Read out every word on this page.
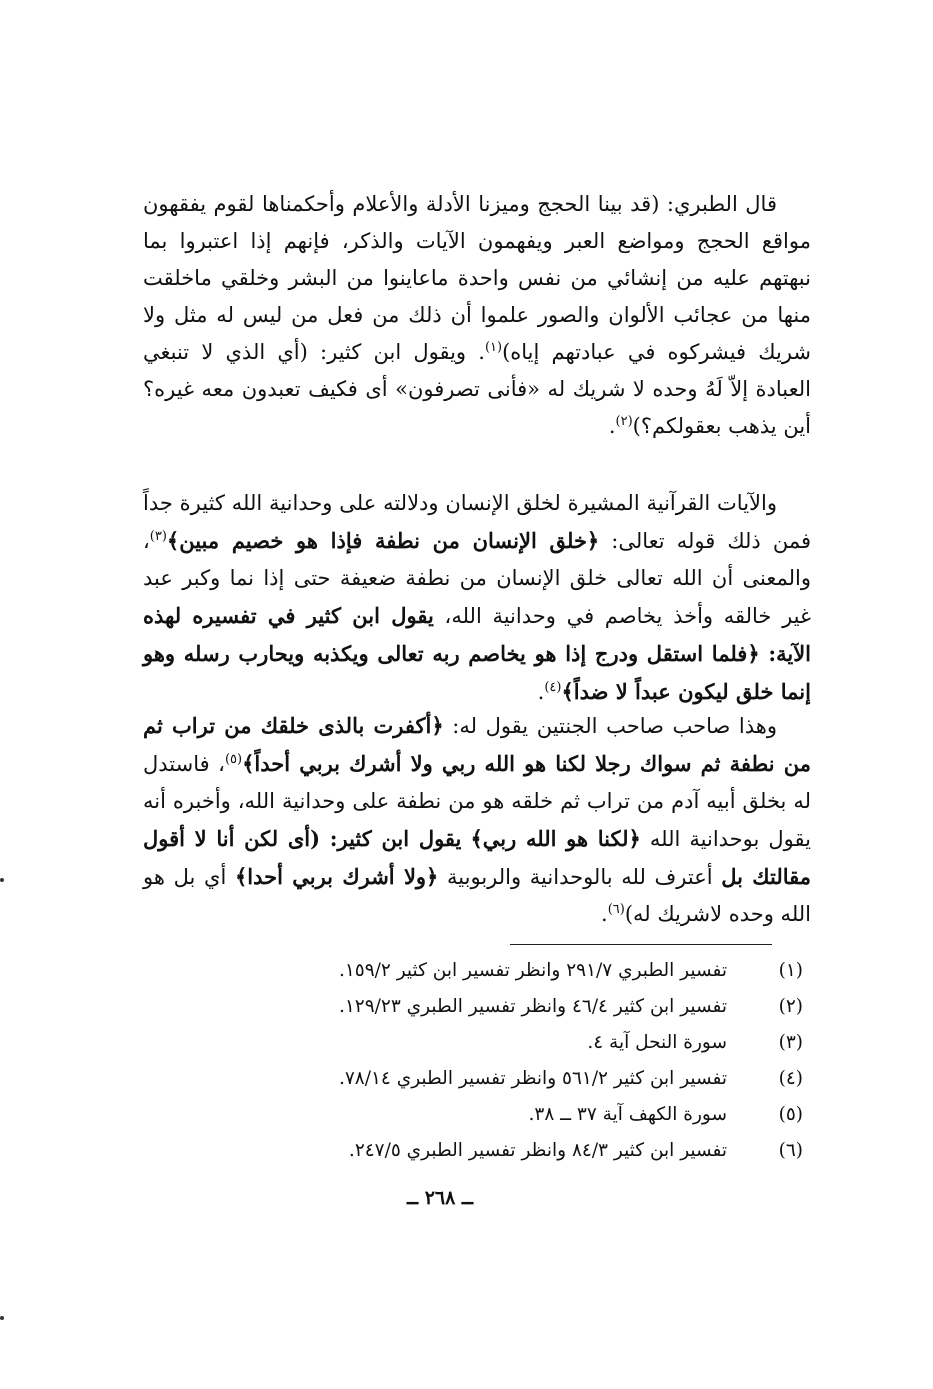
قال الطبري: (قد بينا الحجج وميزنا الأدلة والأعلام وأحكمناها لقوم يفقهون مواقع الحجج ومواضع العبر ويفهمون الآيات والذكر، فإنهم إذا اعتبروا بما نبهتهم عليه من إنشائي من نفس واحدة ماعاينوا من البشر وخلقي ماخلقت منها من عجائب الألوان والصور علموا أن ذلك من فعل من ليس له مثل ولا شريك فيشركوه في عبادتهم إياه)$^{(١)}$. ويقول ابن كثير: (أي الذي لا تنبغي العبادة إلاّ لَهُ وحده لا شريك له «فأنى تصرفون» أى فكيف تعبدون معه غيره؟ أين يذهب بعقولكم؟)$^{(٢)}$.

والآيات القرآنية المشيرة لخلق الإنسان ودلالته على وحدانية الله كثيرة جداً فمن ذلك قوله تعالى: ﴿خلق الإنسان من نطفة فإذا هو خصيم مبين﴾$^{(٣)}$، والمعنى أن الله تعالى خلق الإنسان من نطفة ضعيفة حتى إذا نما وكبر عبد غير خالقه وأخذ يخاصم في وحدانية الله، يقول ابن كثير في تفسيره لهذه الآية: ﴿فلما استقل ودرج إذا هو يخاصم ربه تعالى ويكذبه ويحارب رسله وهو إنما خلق ليكون عبداً لا ضداً﴾$^{(٤)}$.

وهذا صاحب صاحب الجنتين يقول له: ﴿أكفرت بالذى خلقك من تراب ثم من نطفة ثم سواك رجلا لكنا هو الله ربي ولا أشرك بربي أحداً﴾$^{(٥)}$، فاستدل له بخلق أبيه آدم من تراب ثم خلقه هو من نطفة على وحدانية الله، وأخبره أنه يقول بوحدانية الله ﴿لكنا هو الله ربي﴾ يقول ابن كثير: (أى لكن أنا لا أقول مقالتك بل أعترف لله بالوحدانية والربوبية ﴿ولا أشرك بربي أحدا﴾ أي بل هو الله وحده لاشريك له)$^{(٦)}$.

(١)
تفسير الطبري ٢٩١/٧ وانظر تفسير ابن كثير ١٥٩/٢.
(٢)
تفسير ابن كثير ٤٦/٤ وانظر تفسير الطبري ١٢٩/٢٣.
(٣)
سورة النحل آية ٤.
(٤)
تفسير ابن كثير ٥٦١/٢ وانظر تفسير الطبري ٧٨/١٤.
(٥)
سورة الكهف آية ٣٧ ــ ٣٨.
(٦)
تفسير ابن كثير ٨٤/٣ وانظر تفسير الطبري ٢٤٧/٥.
ــ ٢٦٨ ــ
